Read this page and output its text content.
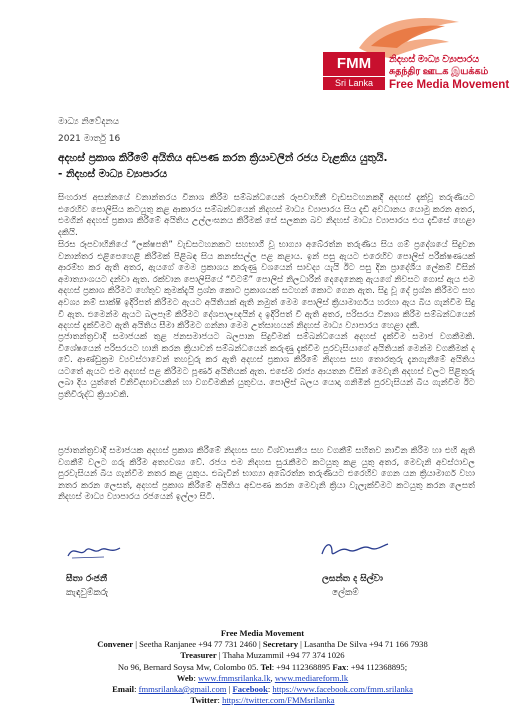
FMM
Sri Lanka
නිදහස් මාධ්‍ය ව්‍යාපාරය
சுதந்திர ஊடக இயக்கம்
Free Media Movement
මාධ්‍ය නිවේදනය
2021 මාර්තු 16
අදහස් ප්‍රකාශ කිරීමේ අයිතිය අඩපණ කරන ක්‍රියාවලින් රජය වැළකිය යුතුයි.
- නිදහස් මාධ්‍ය ව්‍යාපාරය
සිංහරාජ අසන්නයේ වනාන්තරය විනාශ කිරීම සම්බන්ධයෙන් රූපවාහිනී වැඩසටහනකදී අදහස් දැක්වූ තරුණියට එරෙහිව පොලිසිය කටයුතු කළ ආකාරය සම්බන්ධයෙන් නිදහස් මාධ්‍ය ව්‍යාපාරය සිය දැඩි අවධානය යොමු කරන අතර, එමගින් අදහස් ප්‍රකාශ කිරීමේ අයිතිය උල්ලංඝනය කිරීමක් සේ සලකන බව නිදහස් මාධ්‍ය ව්‍යාපාරය එය දැඩිසේ හෙළා දකියි.
සිරස රූපවාහිනියේ “ලක්ෂපති” වැඩසටහනකට සහභාගී වූ භාග්‍යා අබේරත්න තරුණිය සිය ගම් ප්‍රදේශයේ සිදුවන වනාන්තර එළිපෙහෙළි කිරීමක් පිළිබඳ සිය කනස්සල්ල පළ කළාය. ඉන් පසු ඇයට එරෙහිව පොලිස් පරීක්ෂණයක් ආරම්භ කර ඇති අතර, ඇයගේ මෙම ප්‍රකාශය කරුණු වශයෙන් සාවද්‍ය යැයි ඊට පසු දින ප්‍රාදේශීය ලේකම් විසින් අමාත්‍යාංශයට දන්වා ඇත. රක්වාන පොලිසියේ “විටම්” පොලිස් නිලධාරීන් දෙදෙනෙකු ඇයගේ නිවසට ගොස් ඇය එම අදහස් ප්‍රකාශ කිරීමට හේතුව කුමක්දැයි ප්‍රශ්න කොට ප්‍රකාශයක් සටහන් කොට ගෙන ඇත. සිදු වූ දේ ප්‍රශ්න කිරීමට සහ අවශ්‍ය නම් සාක්ෂි ඉදිරිපත් කිරීමට ඇයට අයිතියක් ඇති නමුත් මෙම පොලිස් ක්‍රියාමාර්ගය හරහා ඇය බිය ගැන්වීම සිදු වී ඇත. එමෙන්ම ඇයට බලපෑම් කිරීමට දේශපාලඥයින් ද ඉදිරිපත් වී ඇති අතර, පරිසරය විනාශ කිරීම සම්බන්ධයෙන් අදහස් දැක්වීමට ඇති අයිතිය සීමා කිරීමට ගන්නා මෙම උත්සාහයන් නිදහස් මාධ්‍ය ව්‍යාපාරය හෙළා දකී.
ප්‍රජාතන්ත්‍රවාදී සමාජයක් තුළ ජනසමාජයට බලපාන සිදුවීමක් සම්බන්ධයෙන් අදහස් දැක්වීම සමාජ වගකීමකි. විශේෂයෙන් පරිසරයට හානි කරන ක්‍රියාවන් සම්බන්ධයෙන් කරුණු දැක්වීම පුරවැසියාගේ අයිතියක් මෙන්ම වගකීමක් ද වේ. ආණ්ඩුක්‍රම ව්‍යවස්ථාවෙන් තහවුරු කර ඇති අදහස් ප්‍රකාශ කිරීමේ නිදහස සහ තොරතුරු දැනගැනීමේ අයිතිය යටතේ ඇයට එම අදහස් පළ කිරීමට පූර්ණ අයිතියක් ඇත. එසේම රාජ්‍ය ආයතන විසින් මෙවැනි අදහස් වලට පිළිතුරු ලබා දිය යුත්තේ විනිවිදභාවයකින් හා වගවීමකින් යුතුවය. පොලිස් බලය යොදා ගනිමින් පුරවැසියන් බිය ගැන්වීම ඊට ප්‍රතිවිරුද්ධ ක්‍රියාවකි.
ප්‍රජාතන්ත්‍රවාදී සමාජයක අදහස් ප්‍රකාශ කිරීමේ නිදහස සහ විශ්වාසනීය සහ වගකීම් සහිතව නාවින කිරීම හා එහි ඇති වගකීම් වලට ගරු කිරීම අත්‍යවශ්‍ය වේ. රජය එම නිදහස සුරැකීමට කටයුතු කළ යුතු අතර, මෙවැනි අවස්ථාවල පුරවැසියන් බිය ගැන්වීම නතර කළ යුතුය. එබැවින් භාග්‍යා අබේරත්න තරුණියට එරෙහිව ගෙන යන ක්‍රියාමාර්ග වහා නතර කරන ලෙසත්, අදහස් ප්‍රකාශ කිරීමේ අයිතිය අඩපණ කරන මෙවැනි ක්‍රියා වැලැක්වීමට කටයුතු කරන ලෙසත් නිදහස් මාධ්‍ය ව්‍යාපාරය රජයෙන් ඉල්ලා සිටී.
සීතා රංජනී
කැඳවුම්කරු
ලසන්ත ද සිල්වා
ලේකම්
Free Media Movement
Convener | Seetha Ranjanee +94 77 731 2460 | Secretary | Lasantha De Silva +94 71 166 7938
Treasurer | Thaha Muzammil +94 77 374 1026
No 96, Bernard Soysa Mw, Colombo 05. Tel: +94 112368895 Fax: +94 112368895;
Web: www.fmmsrilanka.lk, www.mediareform.lk
Email: fmmsrilanka@gmail.com | Facebook: https://www.facebook.com/fmm.srilanka
Twitter: https://twitter.com/FMMsrilanka
